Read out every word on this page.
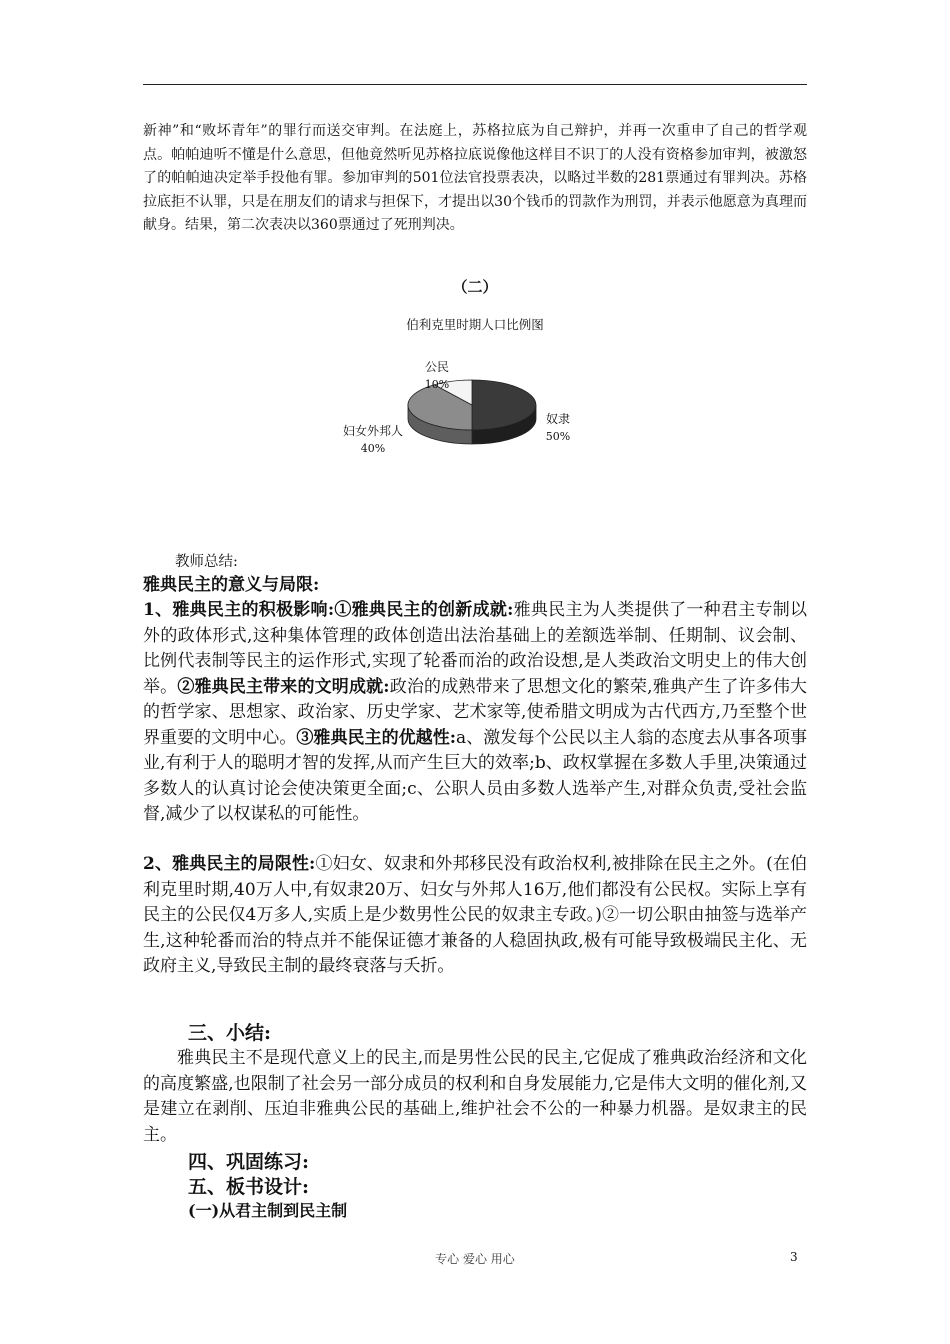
新神”和“败坏青年”的罪行而送交审判。在法庭上，苏格拉底为自己辩护，并再一次重申了自己的哲学观点。帕帕迪听不懂是什么意思，但他竟然听见苏格拉底说像他这样目不识丁的人没有资格参加审判，被激怒了的帕帕迪决定举手投他有罪。参加审判的501位法官投票表决，以略过半数的281票通过有罪判决。苏格拉底拒不认罪，只是在朋友们的请求与担保下，才提出以30个钱币的罚款作为刑罚，并表示他愿意为真理而献身。结果，第二次表决以360票通过了死刑判决。

（二）

伯利克里时期人口比例图

奴隶
50%
妇女外邦人
40%
公民
10%

教师总结:

雅典民主的意义与局限:

1、雅典民主的积极影响:①雅典民主的创新成就:雅典民主为人类提供了一种君主专制以外的政体形式,这种集体管理的政体创造出法治基础上的差额选举制、任期制、议会制、比例代表制等民主的运作形式,实现了轮番而治的政治设想,是人类政治文明史上的伟大创举。②雅典民主带来的文明成就:政治的成熟带来了思想文化的繁荣,雅典产生了许多伟大的哲学家、思想家、政治家、历史学家、艺术家等,使希腊文明成为古代西方,乃至整个世界重要的文明中心。③雅典民主的优越性:a、激发每个公民以主人翁的态度去从事各项事业,有利于人的聪明才智的发挥,从而产生巨大的效率;b、政权掌握在多数人手里,决策通过多数人的认真讨论会使决策更全面;c、公职人员由多数人选举产生,对群众负责,受社会监督,减少了以权谋私的可能性。

2、雅典民主的局限性:①妇女、奴隶和外邦移民没有政治权利,被排除在民主之外。(在伯利克里时期,40万人中,有奴隶20万、妇女与外邦人16万,他们都没有公民权。实际上享有民主的公民仅4万多人,实质上是少数男性公民的奴隶主专政。)②一切公职由抽签与选举产生,这种轮番而治的特点并不能保证德才兼备的人稳固执政,极有可能导致极端民主化、无政府主义,导致民主制的最终衰落与夭折。

三、小结:

雅典民主不是现代意义上的民主,而是男性公民的民主,它促成了雅典政治经济和文化的高度繁盛,也限制了社会另一部分成员的权利和自身发展能力,它是伟大文明的催化剂,又是建立在剥削、压迫非雅典公民的基础上,维护社会不公的一种暴力机器。是奴隶主的民主。

四、巩固练习:

五、板书设计:

(一)从君主制到民主制

专心 爱心 用心	3
